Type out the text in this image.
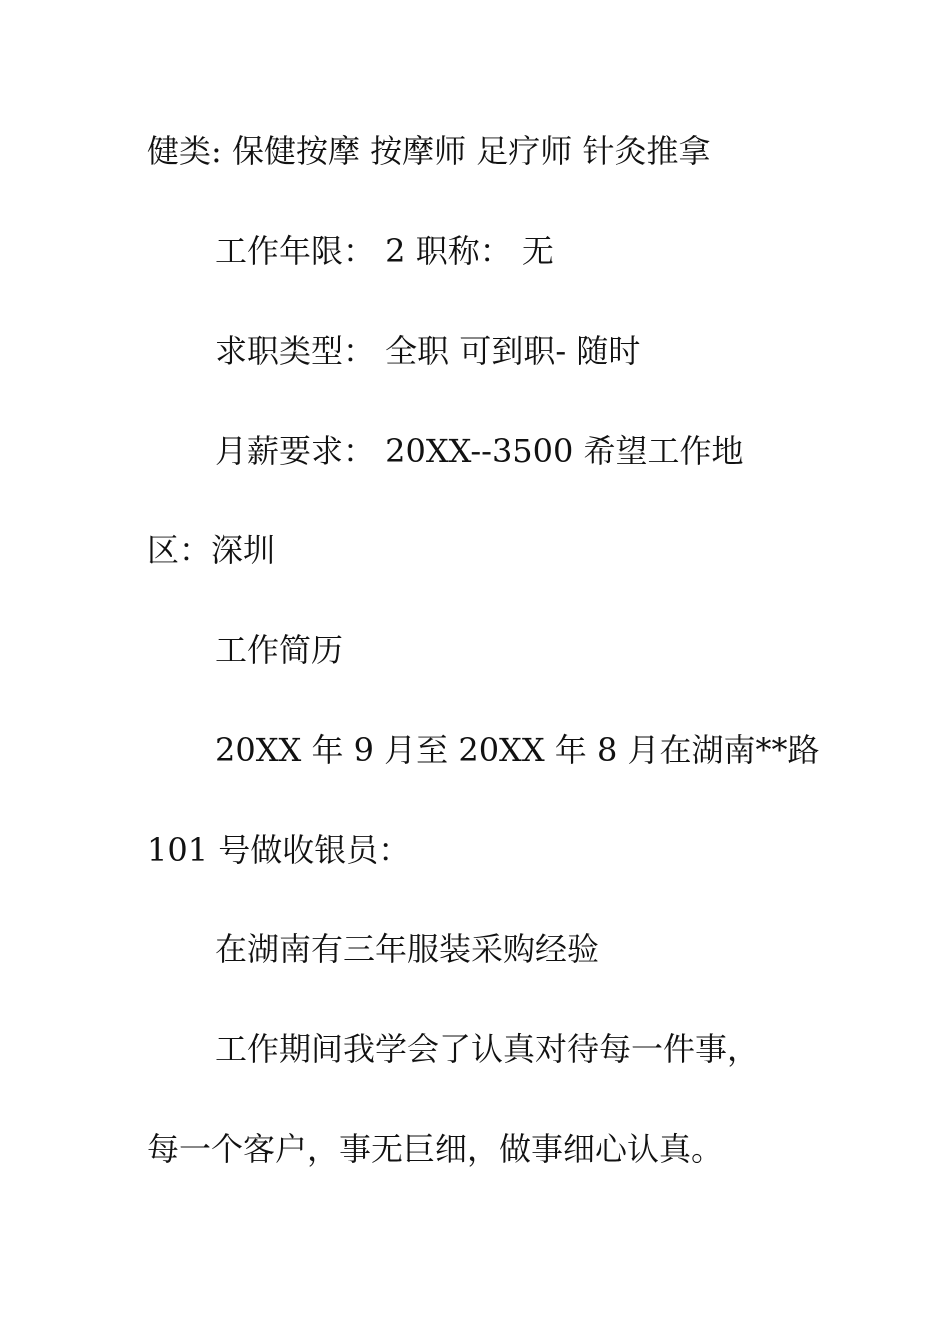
健类: 保健按摩 按摩师 足疗师 针灸推拿
工作年限： 2 职称： 无
求职类型： 全职 可到职- 随时
月薪要求： 20XX--3500 希望工作地
区：深圳
工作简历
20XX 年 9 月至 20XX 年 8 月在湖南**路
101 号做收银员：
在湖南有三年服装采购经验
工作期间我学会了认真对待每一件事，
每一个客户，事无巨细，做事细心认真。
